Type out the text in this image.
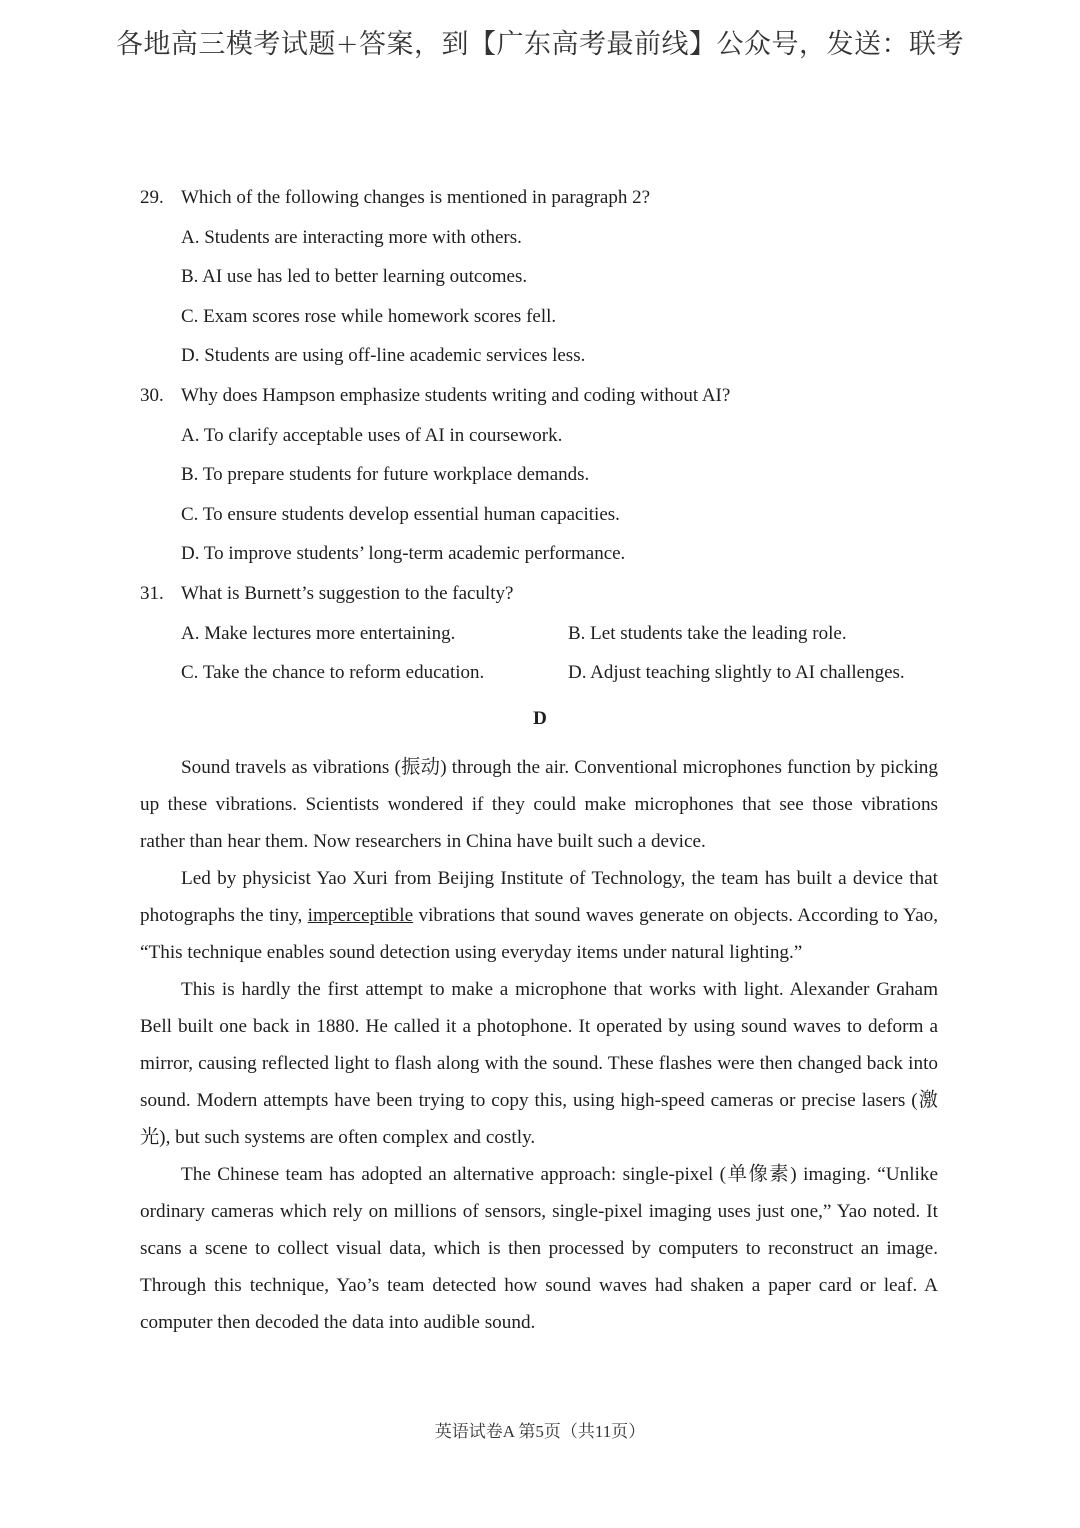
各地高三模考试题+答案，到【广东高考最前线】公众号，发送：联考
29. Which of the following changes is mentioned in paragraph 2?
A. Students are interacting more with others.
B. AI use has led to better learning outcomes.
C. Exam scores rose while homework scores fell.
D. Students are using off-line academic services less.
30. Why does Hampson emphasize students writing and coding without AI?
A. To clarify acceptable uses of AI in coursework.
B. To prepare students for future workplace demands.
C. To ensure students develop essential human capacities.
D. To improve students’ long-term academic performance.
31. What is Burnett’s suggestion to the faculty?
A. Make lectures more entertaining.	B. Let students take the leading role.
C. Take the chance to reform education.	D. Adjust teaching slightly to AI challenges.
D

Sound travels as vibrations (振动) through the air. Conventional microphones function by picking up these vibrations. Scientists wondered if they could make microphones that see those vibrations rather than hear them. Now researchers in China have built such a device.

Led by physicist Yao Xuri from Beijing Institute of Technology, the team has built a device that photographs the tiny, imperceptible vibrations that sound waves generate on objects. According to Yao, “This technique enables sound detection using everyday items under natural lighting.”

This is hardly the first attempt to make a microphone that works with light. Alexander Graham Bell built one back in 1880. He called it a photophone. It operated by using sound waves to deform a mirror, causing reflected light to flash along with the sound. These flashes were then changed back into sound. Modern attempts have been trying to copy this, using high-speed cameras or precise lasers (激光), but such systems are often complex and costly.

The Chinese team has adopted an alternative approach: single-pixel (单像素) imaging. “Unlike ordinary cameras which rely on millions of sensors, single-pixel imaging uses just one,” Yao noted. It scans a scene to collect visual data, which is then processed by computers to reconstruct an image. Through this technique, Yao’s team detected how sound waves had shaken a paper card or leaf. A computer then decoded the data into audible sound.

英语试卷A 第5页（共11页）
